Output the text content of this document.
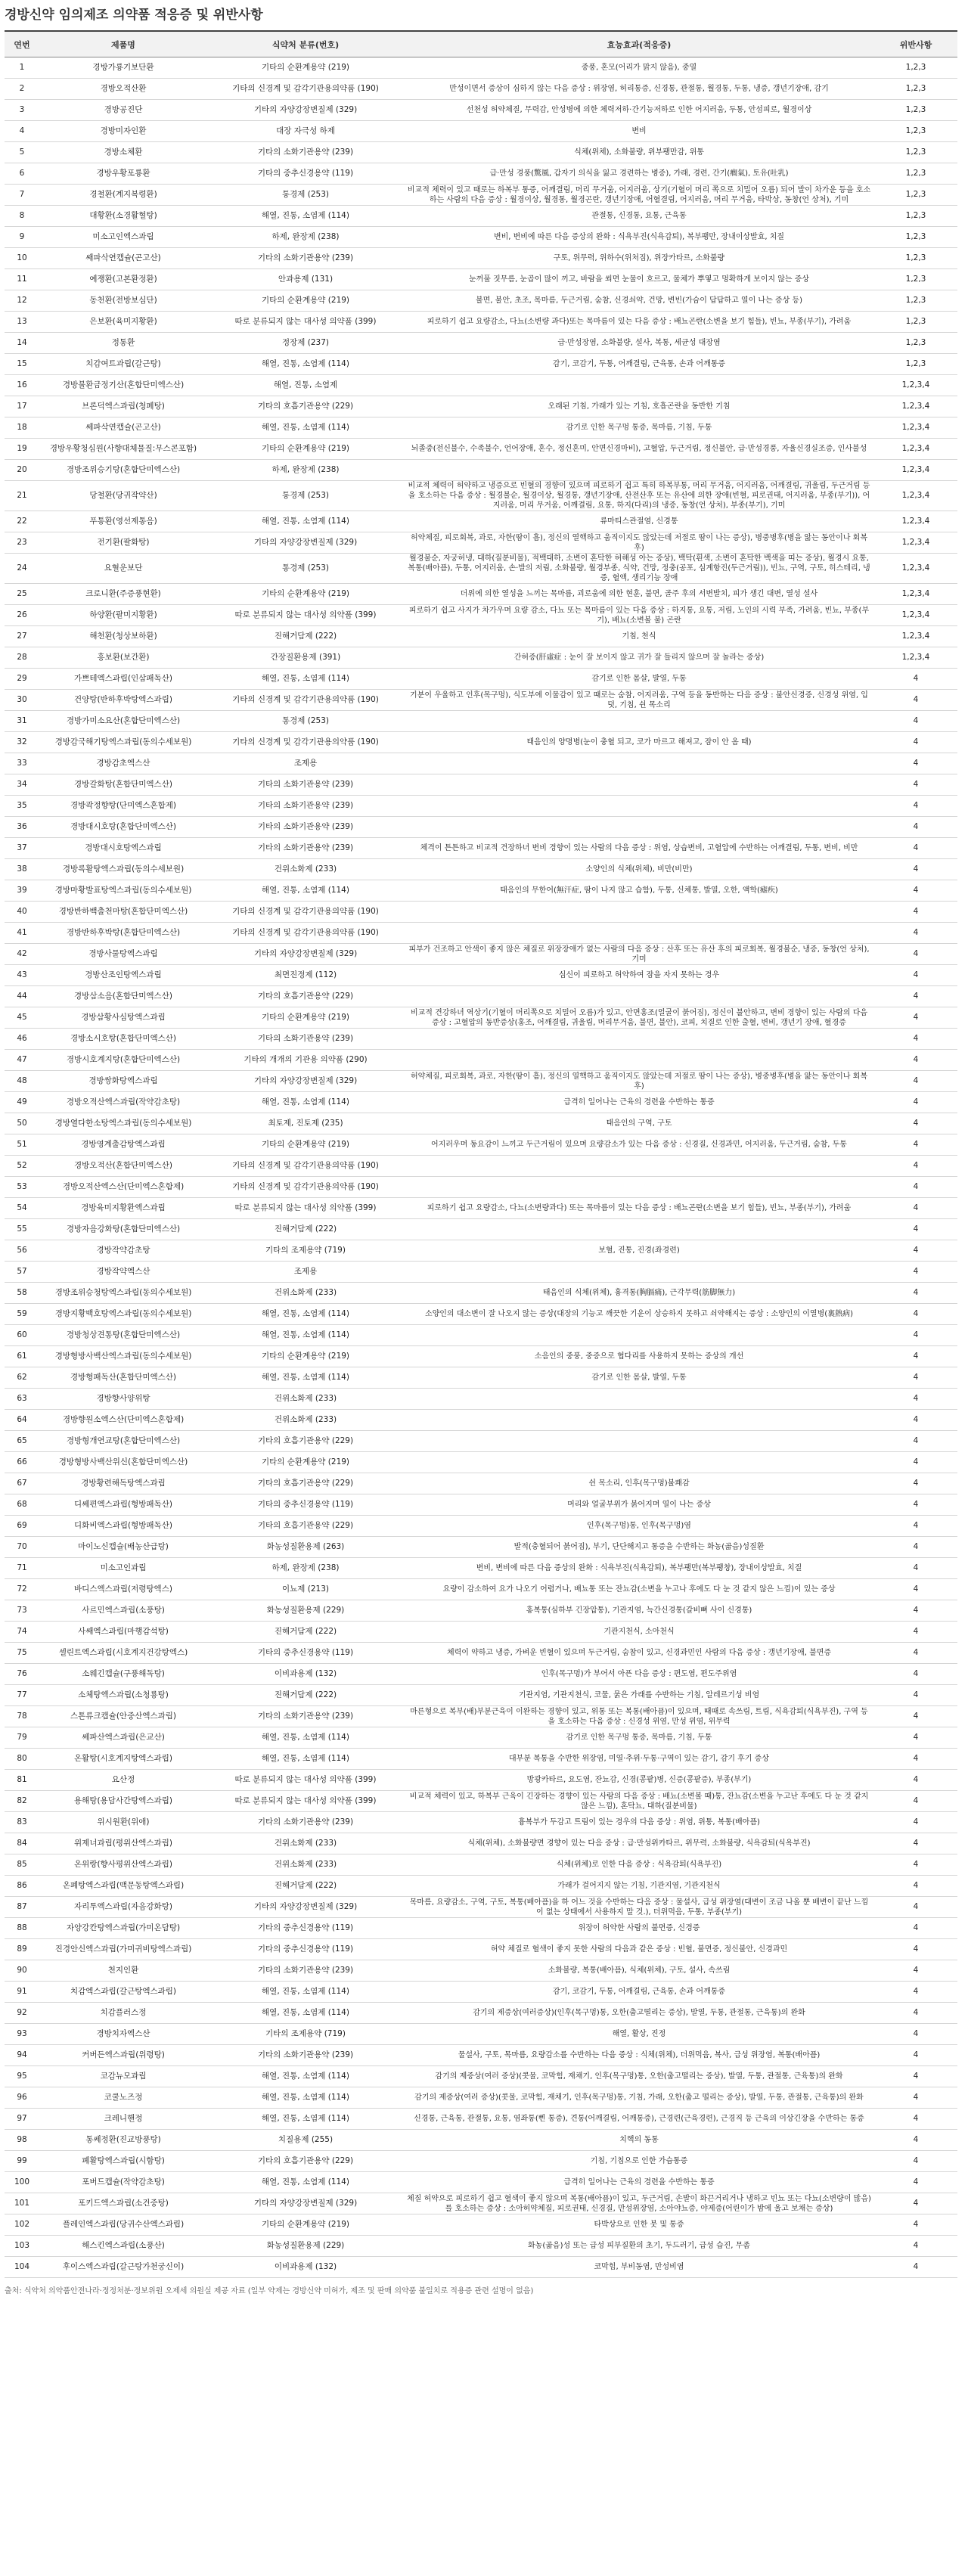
경방신약 임의제조 의약품 적응증 및 위반사항
연번	제품명	식약처 분류(번호)	효능효과(적응증)	위반사항
1	경방가룡기보단환	기타의 순환계용약 (219)	중풍, 혼모(어리가 맑지 않음), 중열	1,2,3
2	경방오적산환	기타의 신경계 및 감각기관용의약품 (190)	만성이면서 증상이 심하지 않는 다음 증상 : 위장염, 허리통증, 신경통, 관절통, 월경통, 두통, 냉증, 갱년기장애, 감기	1,2,3
3	경방공진단	기타의 자양강장변질제 (329)	선천성 허약체질, 무력감, 안성병에 의한 체력저하·간기능저하로 인한 어지러움, 두통, 안섬피로, 월경이상	1,2,3
4	경방미자인환	대장 자극성 하제	변비	1,2,3
5	경방소체환	기타의 소화기관용약 (239)	식체(위체), 소화불량, 위부팽만감, 위통	1,2,3
6	경방우황포룡환	기타의 중추신경용약 (119)	급·만성 경풍(驚風, 갑자기 의식을 잃고 경련하는 병증), 가래, 경련, 간기(癎氣), 토유(吐乳)	1,2,3
7	경철환(계지복령환)	통경제 (253)	비교적 체력이 있고 때로는 하복부 통증, 어깨결림, 머리 무거움, 어지러움, 상기(기혈이 머리 쪽으로 치밀어 오름) 되어 발이 차가운 등을 호소하는 사람의 다음 증상 : 월경이상, 월경통, 월경곤란, 갱년기장애, 어혈결림, 어지러움, 머리 무거움, 타박상, 동창(언 상처), 기미	1,2,3
8	대황환(소경활혈탕)	해열, 진통, 소염제 (114)	관절통, 신경통, 요통, 근육통	1,2,3
9	미소고인엑스과립	하제, 완장제 (238)	변비, 변비에 따른 다음 증상의 완화 : 식욕부진(식욕감퇴), 복부팽만, 장내이상발효, 치질	1,2,3
10	쌔파삭연캡슐(곤고산)	기타의 소화기관용약 (239)	구토, 위무력, 위하수(위처짐), 위장카타르, 소화불량	1,2,3
11	예쟁환(고본환정환)	안과용제 (131)	눈꺼풀 짓무름, 눈곱이 많이 끼고, 바람을 쐬면 눈물이 흐르고, 물체가 뿌옇고 멍확하게 보이지 않는 증상	1,2,3
12	동천환(전방보심단)	기타의 순환계용약 (219)	불면, 불안, 초조, 목마름, 두근거림, 숨참, 신경쇠약, 건망, 변빈(가슴이 답답하고 열이 나는 증상 등)	1,2,3
13	은보환(육미지황환)	따로 분류되지 않는 대사성 의약품 (399)	피로하기 쉽고 요량감소, 다뇨(소변량 과다)또는 목마름이 있는 다음 증상 : 배뇨곤란(소변을 보기 힘들), 빈뇨, 부종(부기), 가려움	1,2,3
14	정통환	정장제 (237)	급·만성장염, 소화불량, 설사, 복통, 세균성 대장염	1,2,3
15	치감여트과립(갈근탕)	해열, 진통, 소염제 (114)	감기, 코감기, 두통, 어깨결림, 근육통, 손과 어깨통증	1,2,3
16	경방불환금정기산(혼합단미엑스산)	해열, 진통, 소염제		1,2,3,4
17	브론덕엑스과립(청폐탕)	기타의 호흡기관용약 (229)	오래된 기침, 가래가 있는 기침, 호흡곤란을 동반한 기침	1,2,3,4
18	쎄파삭연캡슐(곤고산)	해열, 진통, 소염제 (114)	감기로 인한 목구멍 통증, 목마름, 기침, 두통	1,2,3,4
19	경방우황청심원(사향대체물질:무스콘포함)	기타의 순환계용약 (219)	뇌졸중(전신불수, 수족불수, 언어장애, 혼수, 정신혼미, 안면신경마비), 고혈압, 두근거림, 정신불안, 급·만성경풍, 자율신경실조증, 인사불성	1,2,3,4
20	경방조위승기탕(혼합단미엑스산)	하제, 완장제 (238)		1,2,3,4
21	당철환(당귀작약산)	통경제 (253)	비교적 체력이 허약하고 냉증으로 빈혈의 경향이 있으며 피로하기 쉽고 특히 하복부통, 머리 무거움, 어지러움, 어깨결림, 귀울림, 두근거림 등을 호소하는 다음 증상 : 월경불순, 월경이상, 월경통, 갱년기장애, 산전산후 또는 유산에 의한 장애(빈혈, 피로권태, 어지러움, 부종(부기)), 어지러움, 머리 무거움, 어깨결림, 요통, 하지(다리)의 냉증, 동창(언 상처), 부종(부기), 기미	1,2,3,4
22	푸통환(영선제통음)	해열, 진통, 소염제 (114)	류마티스관절염, 신경통	1,2,3,4
23	전기환(팔화탕)	기타의 자양강장변질제 (329)	허약체질, 피로회복, 과로, 자한(땀이 흠), 정신의 열핵하고 움직이지도 않았는데 저절로 땀이 나는 증상), 병중병후(병을 앓는 동안이나 회복 후)	1,2,3,4
24	요혈운보단	통경제 (253)	월경불순, 자궁허냉, 대하(질분비물), 적백대하, 소변이 혼탁한 허해성 아는 증상), 백탁(흰색, 소변이 혼탁한 백색을 띠는 증상), 월경시 요통, 복통(배아픔), 두통, 어지러움, 손·발의 저림, 소화불량, 월경부종, 식약, 건망, 정충(공포, 심계항진(두근거림)), 빈뇨, 구역, 구토, 히스테리, 냉증, 혈액, 생리기능 장애	1,2,3,4
25	크로니환(주증풍현환)	기타의 순환계용약 (219)	더위에 의한 열성을 느끼는 목마름, 괴로움에 의한 현훈, 불면, 골주 후의 서변발치, 피가 생긴 대변, 열성 설사	1,2,3,4
26	하양환(팔미지황환)	따로 분류되지 않는 대사성 의약품 (399)	피로하기 쉽고 사지가 차가우며 요량 감소, 다뇨 또는 목마름이 있는 다음 증상 : 하지통, 요통, 저림, 노인의 시력 부족, 가려움, 빈뇨, 부종(부기), 배뇨(소변볼 불) 곤란	1,2,3,4
27	해천환(청상보하환)	진해거담제 (222)	기침, 천식	1,2,3,4
28	홍보환(보간환)	간장질환용제 (391)	간허증(肝虛症 : 눈이 잘 보이지 않고 귀가 잘 들리지 않으며 잘 놀라는 증상)	1,2,3,4
29	가쁘테엑스과립(인삼패독산)	해열, 진통, 소염제 (114)	감기로 인한 몸살, 발열, 두통	4
30	건양탕(반하후박탕엑스과립)	기타의 신경계 및 감각기관용의약품 (190)	기분이 우울하고 인후(목구멍), 식도부에 이물감이 있고 때로는 숨참, 어지러움, 구역 등을 동반하는 다음 증상 : 불안신경증, 신경성 위염, 입덧, 기침, 쉰 목소리	4
31	경방가미소요산(혼합단미엑스산)	통경제 (253)		4
32	경방감국해기탕엑스과립(동의수세보원)	기타의 신경계 및 감각기관용의약품 (190)	태음인의 양명병(눈이 충혈 되고, 코가 마르고 해져고, 잠이 안 옴 때)	4
33	경방감초엑스산	조제용		4
34	경방갈화탕(혼합단미엑스산)	기타의 소화기관용약 (239)		4
35	경방곽정향탕(단미엑스혼합제)	기타의 소화기관용약 (239)		4
36	경방대시호탕(혼합단미엑스산)	기타의 소화기관용약 (239)		4
37	경방대시호탕엑스과립	기타의 소화기관용약 (239)	체격이 튼튼하고 비교적 견장하녀 변비 경향이 있는 사람의 다음 증상 : 위염, 상습변비, 고혈압에 수반하는 어깨결림, 두통, 변비, 비만	4
38	경방록활탕엑스과립(동의수세보원)	건위소화제 (233)	소양인의 식체(위체), 비만(비만)	4
39	경방마황발표탕엑스과립(동의수세보원)	해열, 진통, 소염제 (114)	태음인의 무한어(無汗症, 땀이 나지 않고 습함), 두통, 신체통, 발열, 오한, 액학(瘧疾)	4
40	경방반하백출천마탕(혼합단미엑스산)	기타의 신경계 및 감각기관용의약품 (190)		4
41	경방반하후박탕(혼합단미엑스산)	기타의 신경계 및 감각기관용의약품 (190)		4
42	경방사물탕엑스과립	기타의 자양강장변질제 (329)	피부가 건조하고 안색이 좋지 않은 체질로 위장장애가 없는 사람의 다음 증상 : 산후 또는 유산 후의 피로회복, 월경불순, 냉증, 동창(언 상처), 기미	4
43	경방산조인탕엑스과립	최면진정제 (112)	심신이 피로하고 허약하여 잠을 자지 못하는 경우	4
44	경방삼소음(혼합단미엑스산)	기타의 호흡기관용약 (229)		4
45	경방삼황사심탕엑스과립	기타의 순환계용약 (219)	비교적 견강하녀 역상기(기혈이 머리쪽으로 치밀어 오름)가 있고, 안면홍조(얼굴이 붉어짐), 정신이 불안하고, 변비 경향이 있는 사람의 다음 증상 : 고혈압의 동반증상(홍조, 어깨결림, 귀울림, 머리무거움, 불면, 불안), 코피, 치질로 인한 출혈, 변비, 갱년기 장애, 혈경증	4
46	경방소시호탕(혼합단미엑스산)	기타의 소화기관용약 (239)		4
47	경방시호계지탕(혼합단미엑스산)	기타의 개개의 기관용 의약품 (290)		4
48	경방쌍화탕엑스과립	기타의 자양강장변질제 (329)	허약체질, 피로회복, 과로, 자한(땀이 흠), 정신의 열핵하고 움직이지도 않았는데 저절로 땀이 나는 증상), 병중병후(병을 앓는 동안이나 회복 후)	4
49	경방오적산엑스과립(작약감초탕)	해열, 진통, 소염제 (114)	급격히 일어나는 근육의 경련을 수반하는 통증	4
50	경방열다한소탕엑스과립(동의수세보원)	최토제, 진토제 (235)	태음인의 구역, 구토	4
51	경방영계출감탕엑스과립	기타의 순환계용약 (219)	어지러우며 동요감이 느끼고 두근거림이 있으며 요량감소가 있는 다음 증상 : 신경질, 신경과민, 어지러움, 두근거림, 숨참, 두통	4
52	경방오적산(혼합단미엑스산)	기타의 신경계 및 감각기관용의약품 (190)		4
53	경방오적산엑스산(단미엑스혼합제)	기타의 신경계 및 감각기관용의약품 (190)		4
54	경방육미지황환엑스과립	따로 분류되지 않는 대사성 의약품 (399)	피로하기 쉽고 요량감소, 다뇨(소변량과다) 또는 목마름이 있는 다음 증상 : 배뇨곤란(소변을 보기 힘들), 빈뇨, 부종(부기), 가려움	4
55	경방자음강화탕(혼합단미엑스산)	진해거담제 (222)		4
56	경방작약감초탕	기타의 조제용약 (719)	보혈, 진통, 진경(좌경련)	4
57	경방작약엑스산	조제용		4
58	경방조위승청탕엑스과립(동의수세보원)	건위소화제 (233)	태음인의 식체(위체), 흉격통(胸膈痛), 근각무력(筋脚無力)	4
59	경방지황백호탕엑스과립(동의수세보원)	해열, 진통, 소염제 (114)	소양인의 대소변이 잘 나오지 않는 증상(대장의 기능고 깨끗한 기운이 상승하지 못하고 쇠약해지는 증상 : 소양인의 이열병(裏熱病)	4
60	경방청상견통탕(혼합단미엑스산)	해열, 진통, 소염제 (114)		4
61	경방형방사백산엑스과립(동의수세보원)	기타의 순환계용약 (219)	소음인의 중풍, 중증으로 협다리를 사용하지 못하는 증상의 개선	4
62	경방형패독산(혼합단미엑스산)	해열, 진통, 소염제 (114)	감기로 인한 몸살, 발열, 두통	4
63	경방향사양위탕	건위소화제 (233)		4
64	경방향원소엑스산(단미엑스혼합제)	건위소화제 (233)		4
65	경방형개연교탕(혼합단미엑스산)	기타의 호흡기관용약 (229)		4
66	경방형방사백산위신(혼합단미엑스산)	기타의 순환계용약 (219)		4
67	경방황련해독탕엑스과립	기타의 호흡기관용약 (229)	쉰 목소리, 인후(목구멍)불쾌감	4
68	디쎄편엑스과립(형방패독산)	기타의 중추신경용약 (119)	머리와 얼굴부위가 붉어지며 열이 나는 증상	4
69	디화비엑스과립(형방패독산)	기타의 호흡기관용약 (229)	인후(목구멍)통, 인후(목구멍)염	4
70	마이노신캡슐(배농산급탕)	화농성질환용제 (263)	발적(충혈되어 붉어짐), 부기, 단단해지고 통증을 수반하는 화농(곪음)성질환	4
71	미소고인과립	하제, 완장제 (238)	변비, 변비에 따른 다음 증상의 완화 : 식욕부진(식욕감퇴), 복부팽만(복부팽창), 장내이상발효, 치질	4
72	바디스엑스과립(저령탕엑스)	이뇨제 (213)	요량이 감소하여 요가 나오기 어렵거나, 배뇨통 또는 잔뇨감(소변을 누고나 후에도 다 눈 것 같지 않은 느낌)이 있는 증상	4
73	사르민엑스과립(소풍탕)	화농성질환용제 (229)	홍복통(심하부 긴장압통), 기관지염, 늑간신경통(갈비뼈 사이 신경통)	4
74	사쌔엑스과립(마행감석탕)	진해거담제 (222)	기관지천식, 소아천식	4
75	셀린트엑스과립(시호계지건강탕엑스)	기타의 중추신경용약 (119)	체력이 약하고 냉증, 가벼운 빈혈이 있으며 두근거림, 숨참이 있고, 신경과민인 사람의 다음 증상 : 갱년기장애, 불면증	4
76	소웨긴캡슐(구풍해독탕)	이비과용제 (132)	인후(목구멍)가 부어서 아픈 다음 증상 : 편도염, 편도주위염	4
77	소체탕엑스과립(소청룡탕)	진해거담제 (222)	기관지염, 기관지천식, 코물, 묽은 가래를 수반하는 기침, 알레르기성 비염	4
78	스톤류크캡슐(안중산엑스과립)	기타의 소화기관용약 (239)	마른형으로 복부(배)부분근육이 이완하는 경향이 있고, 위통 또는 복통(배아픔)이 있으며, 때때로 속쓰림, 트림, 식욕감퇴(식욕부진), 구역 등을 호소하는 다음 증상 : 신경성 위염, 만성 위염, 위무력	4
79	쎄파산엑스과립(은교산)	해열, 진통, 소염제 (114)	감기로 인한 목구멍 통증, 목마름, 기침, 두통	4
80	온활탕(시호계지탕엑스과립)	해열, 진통, 소염제 (114)	대부분 복통을 수반한 위장염, 미열·추위·두통·구역이 있는 감기, 감기 후기 증상	4
81	요산정	따로 분류되지 않는 대사성 의약품 (399)	방광카타르, 요도염, 잔뇨감, 신경(콩팥)병, 신증(콩팥증), 부종(부기)	4
82	용해탕(용담사간탕엑스과립)	따로 분류되지 않는 대사성 의약품 (399)	비교적 체력이 있고, 하복부 근육이 긴장하는 경향이 있는 사람의 다음 증상 : 배뇨(소변볼 때)통, 잔뇨감(소변을 누고난 후에도 다 눈 것 같지 않은 느낌), 혼탁뇨, 대하(질분비물)	4
83	위시원환(위애)	기타의 소화기관용약 (239)	흉복부가 두감고 트림이 있는 경우의 다음 증상 : 위염, 위통, 복통(배아픔)	4
84	위제너과립(평위산엑스과립)	건위소화제 (233)	식체(위체), 소화불량면 경향이 있는 다음 증상 : 급·만성위카타르, 위무력, 소화불량, 식욕감퇴(식욕부진)	4
85	온위랑(향사평위산엑스과립)	건위소화제 (233)	식체(위체)로 인한 다음 증상 : 식욕감퇴(식욕부진)	4
86	온폐탕엑스과립(맥문동탕엑스과립)	진해거담제 (222)	가래가 걸어지지 않는 기침, 기관지염, 기관지천식	4
87	자리투엑스과립(자음강화탕)	기타의 자양강장변질제 (329)	목마름, 요량감소, 구역, 구토, 복통(배아픔)을 하 어느 것을 수반하는 다음 증상 : 물설사, 급성 위장염(대변이 조금 나올 뿐 배변이 끝난 느낌이 없는 상태에서 사용하지 말 것.), 더위먹음, 두통, 부종(부기)	4
88	자양강칸탕엑스과립(가미온담탕)	기타의 중추신경용약 (119)	위장이 허약한 사람의 불면증, 신경증	4
89	진경안신엑스과립(가미귀비탕엑스과립)	기타의 중추신경용약 (119)	허약 체질로 혈색이 좋지 못한 사람의 다음과 같은 증상 : 빈혈, 불면증, 정신불안, 신경과민	4
90	천지인환	기타의 소화기관용약 (239)	소화불량, 복통(배아픔), 식체(위체), 구토, 설사, 속쓰림	4
91	치감엑스과립(갈근탕엑스과립)	해열, 진통, 소염제 (114)	감기, 코감기, 두통, 어깨결림, 근육통, 손과 어깨통증	4
92	치감플러스정	해열, 진통, 소염제 (114)	감기의 제증상(여러증상)(인후(목구멍)통, 오한(춥고떨리는 증상), 발열, 두통, 관절통, 근육통)의 완화	4
93	경방치자엑스산	기타의 조제용약 (719)	해열, 활상, 진정	4
94	커버든엑스과립(위령탕)	기타의 소화기관용약 (239)	물설사, 구토, 목마름, 요량감소를 수반하는 다음 증상 : 식체(위체), 더위먹음, 복사, 급성 위장염, 복통(배아픔)	4
95	코감뉴모과립	해열, 진통, 소염제 (114)	감기의 제증상(여러 증상)(콧물, 코막힘, 재채기, 인후(목구멍)통, 오한(춥고떨리는 증상), 발열, 두통, 관절통, 근육통)의 완화	4
96	코쿨노즈정	해열, 진통, 소염제 (114)	감기의 제증상(여러 증상)(콧물, 코막힘, 재채기, 인후(목구멍)통, 기침, 가래, 오한(춥고 떨리는 증상), 발열, 두통, 관절통, 근육통)의 완화	4
97	크레니핸정	해열, 진통, 소염제 (114)	신경통, 근육통, 관절통, 요통, 염좌통(삔 통증), 견통(어깨결림, 어깨통증), 근경련(근육경련), 근경직 등 근육의 이상긴장을 수반하는 통증	4
98	통쎄정환(진교방풍탕)	치질용제 (255)	치핵의 동통	4
99	폐활탕엑스과립(시함탕)	기타의 호흡기관용약 (229)	기침, 기침으로 인한 가슴통증	4
100	포버드캡슐(작약감초탕)	해열, 진통, 소염제 (114)	급격히 일어나는 근육의 경련을 수반하는 통증	4
101	포키드엑스과립(소건중탕)	기타의 자양강장변질제 (329)	체질 허약으로 피로하기 쉽고 혈색이 좋지 않으며 복통(배아픔)이 있고, 두근거림, 손발이 화끈거리거나 냉하고 빈뇨 또는 다뇨(소변량이 많음)를 호소하는 증상 : 소아허약체질, 피로권태, 신경질, 만성위장염, 소아야뇨증, 야제증(어린이가 밤에 울고 보채는 증상)	4
102	플레인엑스과립(당귀수산엑스과립)	기타의 순환계용약 (219)	타박상으로 인한 붓 및 통증	4
103	해스킨엑스과립(소풍산)	화농성질환용제 (229)	화농(곪음)성 또는 급성 피부질환의 초기, 두드러기, 급성 습진, 무좀	4
104	후이스엑스과립(갈근탕가천궁신이)	이비과용제 (132)	코막힘, 부비동염, 만성비염	4
출처: 식약처 의약품안전나라·정정처분·정보위원 오제세 의원실 제공 자료 (일부 약제는 경방신약 미허가, 제조 및 판매 의약품 불일치로 적용증 관련 설명이 없음)
